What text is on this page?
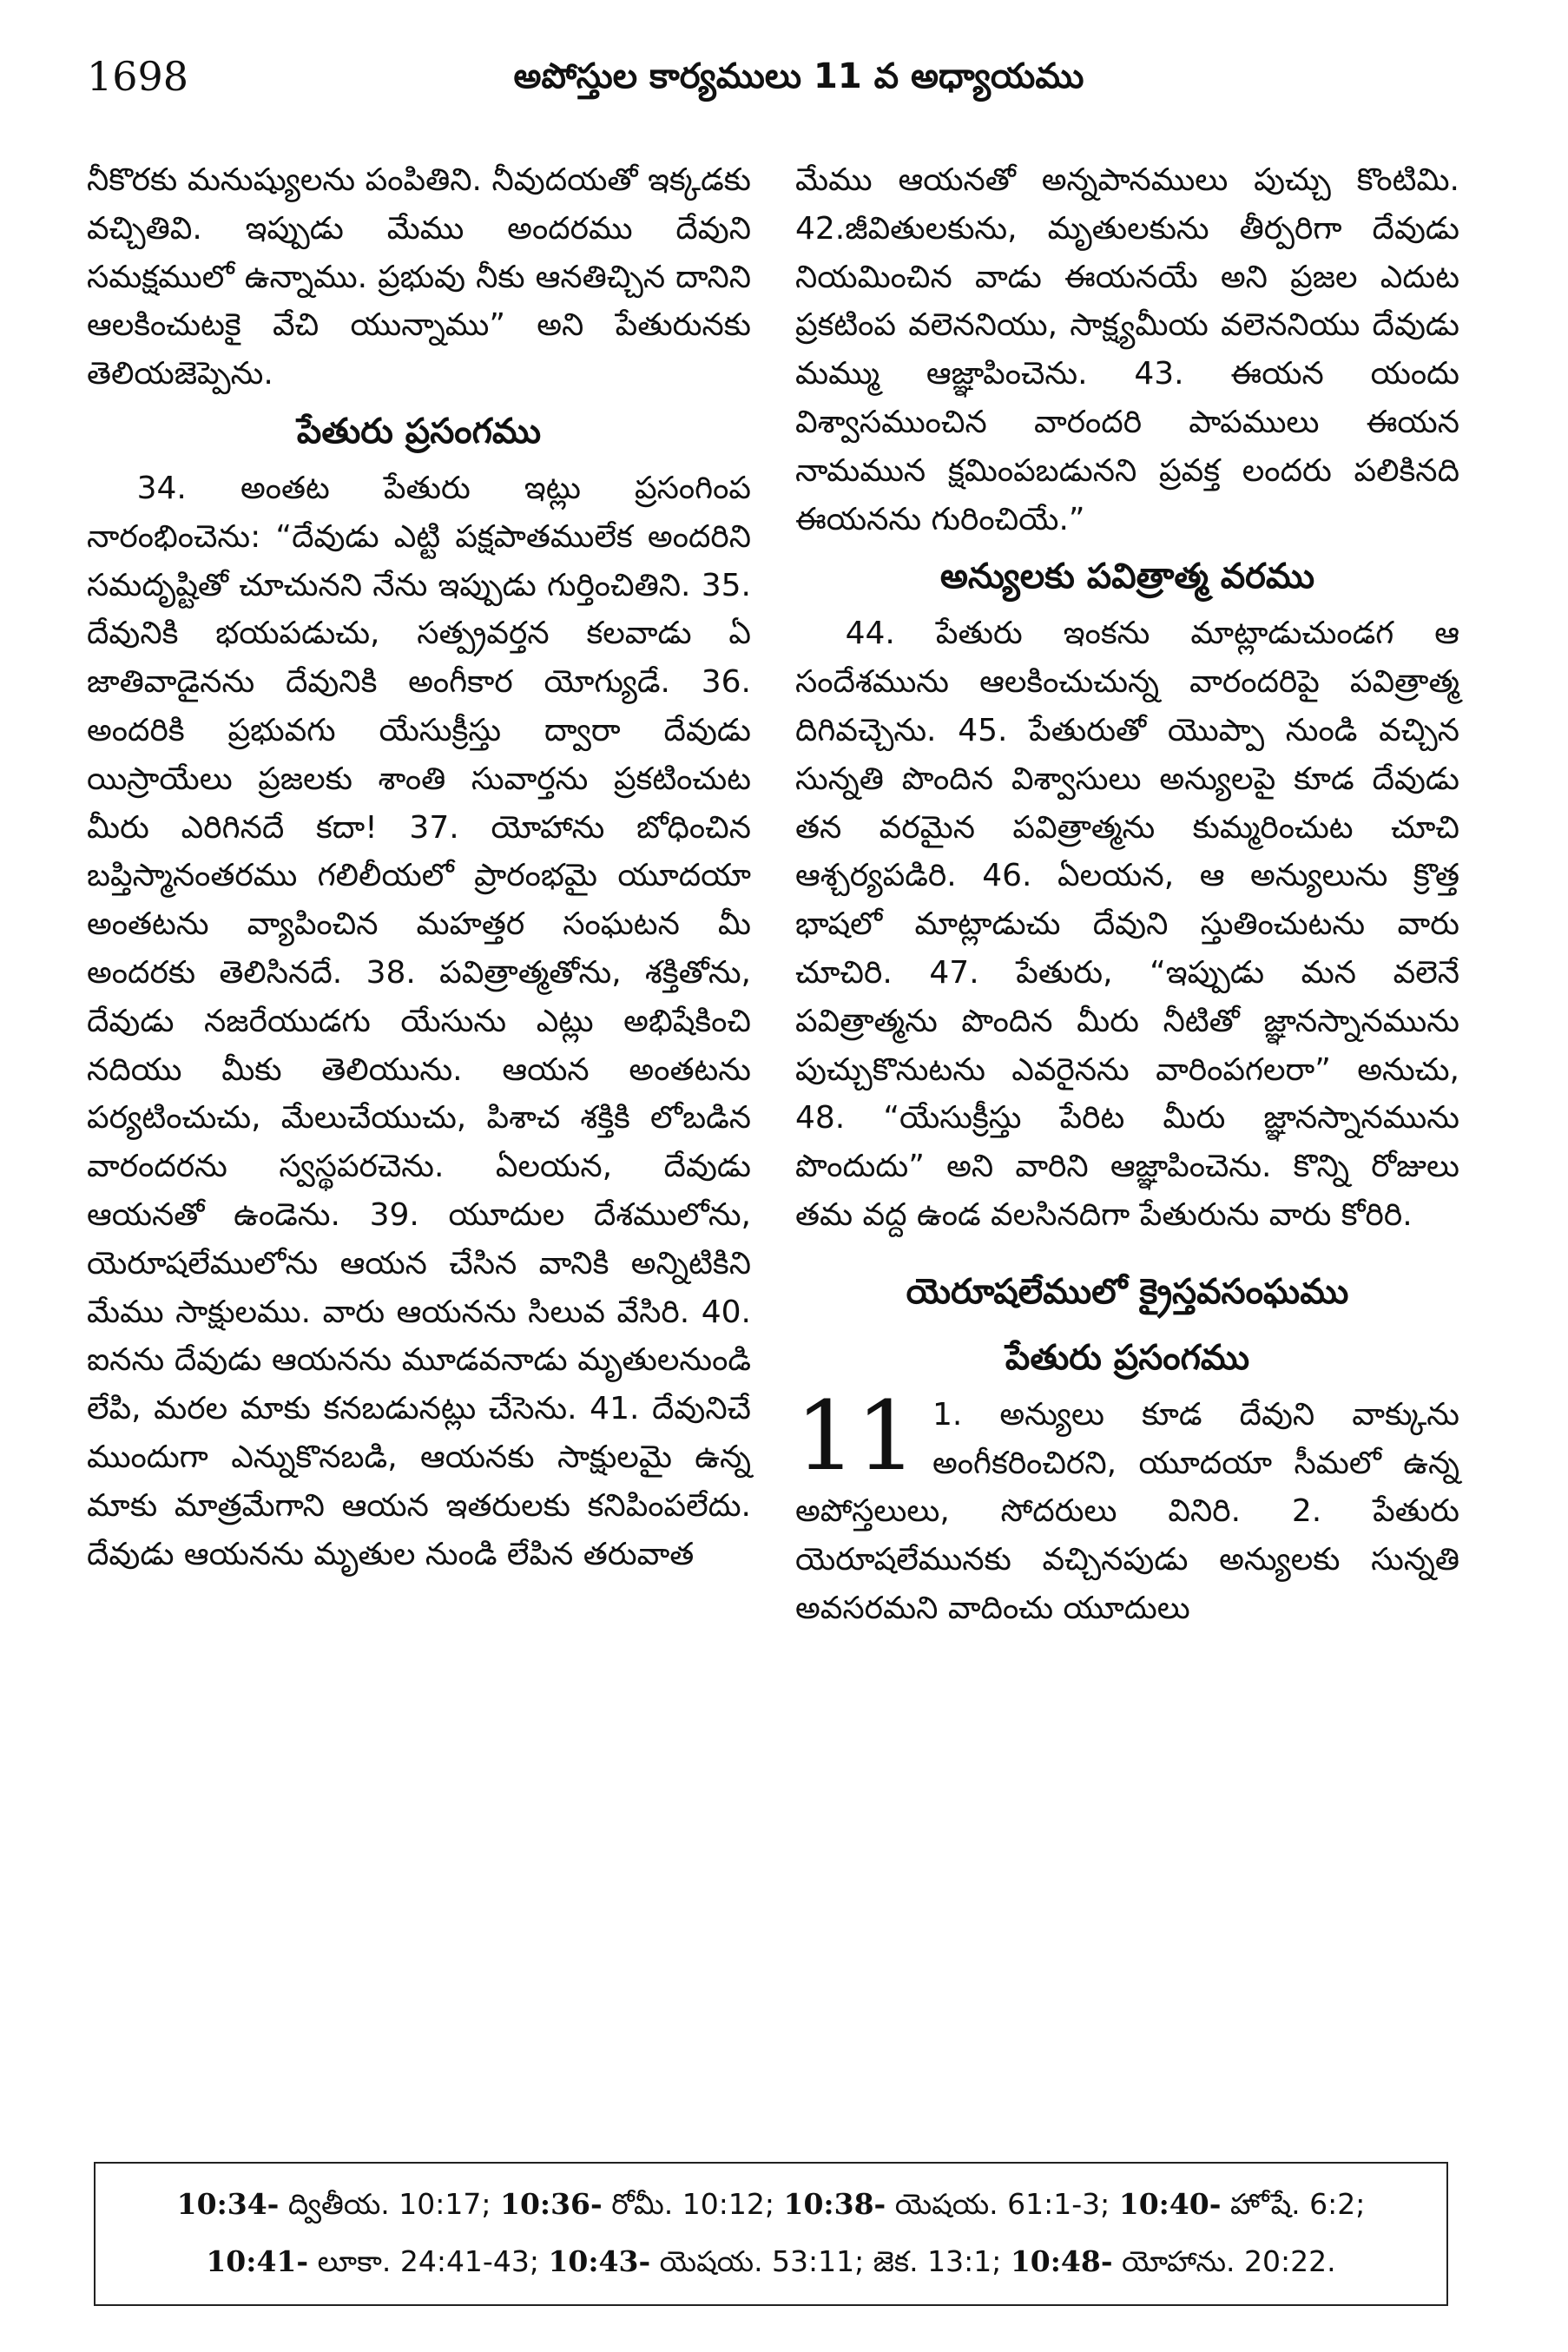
1698	అపోస్తుల కార్యములు 11 వ అధ్యాయము

నీకొరకు మనుష్యులను పంపితిని. నీవుదయతో ఇక్కడకు వచ్చితివి. ఇప్పుడు మేము అందరము దేవుని సమక్షములో ఉన్నాము. ప్రభువు నీకు ఆనతిచ్చిన దానిని ఆలకించుటకై వేచి యున్నాము” అని పేతురునకు తెలియజెప్పెను.

పేతురు ప్రసంగము

34. అంతట పేతురు ఇట్లు ప్రసంగింప నారంభించెను: “దేవుడు ఎట్టి పక్షపాతములేక అందరిని సమదృష్టితో చూచునని నేను ఇప్పుడు గుర్తించితిని. 35. దేవునికి భయపడుచు, సత్ప్రవర్తన కలవాడు ఏ జాతివాడైనను దేవునికి అంగీకార యోగ్యుడే. 36. అందరికి ప్రభువగు యేసుక్రీస్తు ద్వారా దేవుడు యిస్రాయేలు ప్రజలకు శాంతి సువార్తను ప్రకటించుట మీరు ఎరిగినదే కదా! 37. యోహాను బోధించిన బప్తిస్మానంతరము గలిలీయలో ప్రారంభమై యూదయా అంతటను వ్యాపించిన మహత్తర సంఘటన మీ అందరకు తెలిసినదే. 38. పవిత్రాత్మతోను, శక్తితోను, దేవుడు నజరేయుడగు యేసును ఎట్లు అభిషేకించి నదియు మీకు తెలియును. ఆయన అంతటను పర్యటించుచు, మేలుచేయుచు, పిశాచ శక్తికి లోబడిన వారందరను స్వస్థపరచెను. ఏలయన, దేవుడు ఆయనతో ఉండెను. 39. యూదుల దేశములోను, యెరూషలేములోను ఆయన చేసిన వానికి అన్నిటికిని మేము సాక్షులము. వారు ఆయనను సిలువ వేసిరి. 40. ఐనను దేవుడు ఆయనను మూడవనాడు మృతులనుండి లేపి, మరల మాకు కనబడునట్లు చేసెను. 41. దేవునిచే ముందుగా ఎన్నుకొనబడి, ఆయనకు సాక్షులమై ఉన్న మాకు మాత్రమేగాని ఆయన ఇతరులకు కనిపింపలేదు. దేవుడు ఆయనను మృతుల నుండి లేపిన తరువాత

మేము ఆయనతో అన్నపానములు పుచ్చు కొంటిమి. 42.జీవితులకును, మృతులకును తీర్పరిగా దేవుడు నియమించిన వాడు ఈయనయే అని ప్రజల ఎదుట ప్రకటింప వలెననియు, సాక్ష్యమీయ వలెననియు దేవుడు మమ్ము ఆజ్ఞాపించెను. 43. ఈయన యందు విశ్వాసముంచిన వారందరి పాపములు ఈయన నామమున క్షమింపబడునని ప్రవక్త లందరు పలికినది ఈయనను గురించియే.”

అన్యులకు పవిత్రాత్మ వరము

44. పేతురు ఇంకను మాట్లాడుచుండగ ఆ సందేశమును ఆలకించుచున్న వారందరిపై పవిత్రాత్మ దిగివచ్చెను. 45. పేతురుతో యొప్పా నుండి వచ్చిన సున్నతి పొందిన విశ్వాసులు అన్యులపై కూడ దేవుడు తన వరమైన పవిత్రాత్మను కుమ్మరించుట చూచి ఆశ్చర్యపడిరి. 46. ఏలయన, ఆ అన్యులును క్రొత్త భాషలో మాట్లాడుచు దేవుని స్తుతించుటను వారు చూచిరి. 47. పేతురు, “ఇప్పుడు మన వలెనే పవిత్రాత్మను పొందిన మీరు నీటితో జ్ఞానస్నానమును పుచ్చుకొనుటను ఎవరైనను వారింపగలరా” అనుచు, 48. “యేసుక్రీస్తు పేరిట మీరు జ్ఞానస్నానమును పొందుదు” అని వారిని ఆజ్ఞాపించెను. కొన్ని రోజులు తమ వద్ద ఉండ వలసినదిగా పేతురును వారు కోరిరి.

యెరూషలేములో క్రైస్తవసంఘము
పేతురు ప్రసంగము
11 1. అన్యులు కూడ దేవుని వాక్కును అంగీకరించిరని, యూదయా సీమలో ఉన్న అపోస్తలులు, సోదరులు వినిరి. 2. పేతురు యెరూషలేమునకు వచ్చినపుడు అన్యులకు సున్నతి అవసరమని వాదించు యూదులు
10:34- ద్వితీయ. 10:17; 10:36- రోమీ. 10:12; 10:38- యెషయ. 61:1-3; 10:40- హోషే. 6:2;
10:41- లూకా. 24:41-43; 10:43- యెషయ. 53:11; జెక. 13:1; 10:48- యోహాను. 20:22.
